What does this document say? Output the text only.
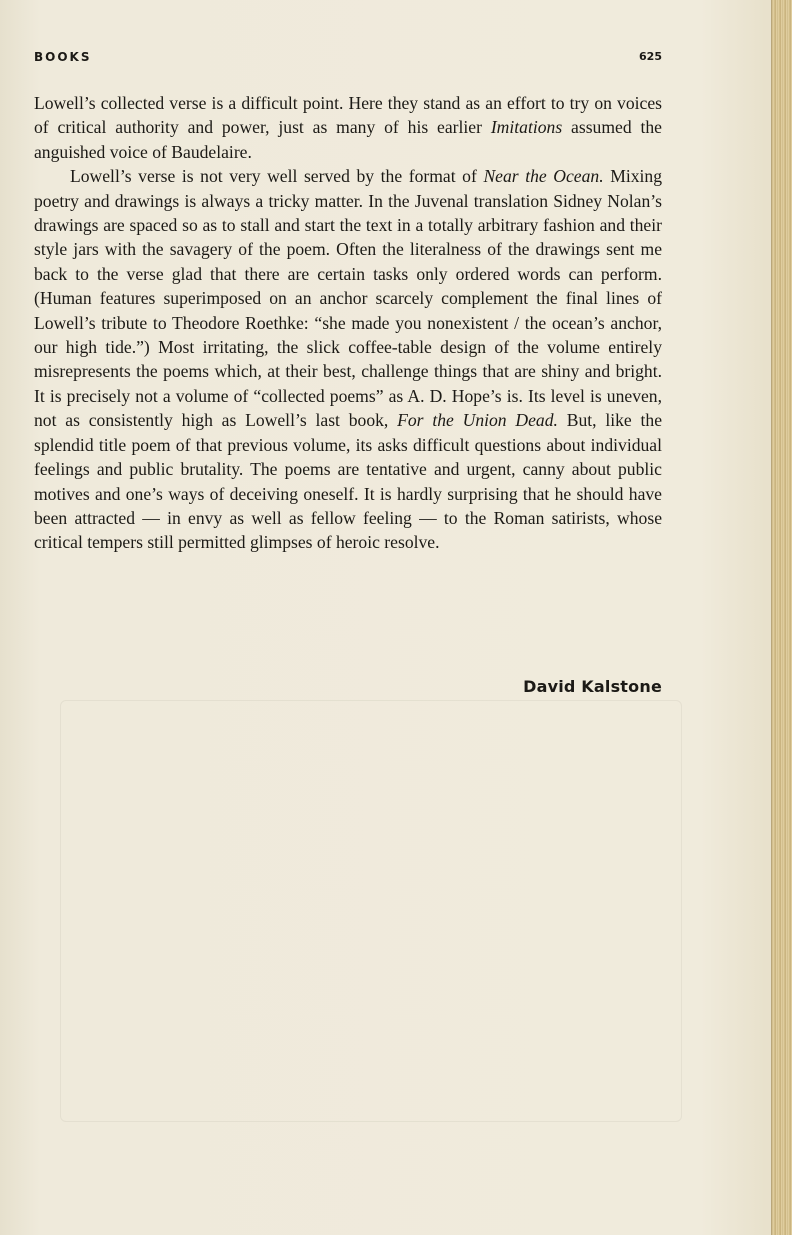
BOOKS	625

Lowell’s collected verse is a difficult point. Here they stand as an effort to try on voices of critical authority and power, just as many of his earlier Imitations assumed the anguished voice of Baudelaire.

Lowell’s verse is not very well served by the format of Near the Ocean. Mixing poetry and drawings is always a tricky matter. In the Juvenal translation Sidney Nolan’s drawings are spaced so as to stall and start the text in a totally arbitrary fashion and their style jars with the savagery of the poem. Often the literalness of the drawings sent me back to the verse glad that there are certain tasks only ordered words can perform. (Human features superimposed on an anchor scarcely complement the final lines of Lowell’s tribute to Theodore Roethke: “she made you nonexistent / the ocean’s anchor, our high tide.”) Most irritating, the slick coffee-table design of the volume entirely misrepresents the poems which, at their best, challenge things that are shiny and bright. It is precisely not a volume of “collected poems” as A. D. Hope’s is. Its level is uneven, not as consistently high as Lowell’s last book, For the Union Dead. But, like the splendid title poem of that previous volume, its asks difficult questions about individual feelings and public brutality. The poems are tentative and urgent, canny about public motives and one’s ways of deceiving oneself. It is hardly surprising that he should have been attracted — in envy as well as fellow feeling — to the Roman satirists, whose critical tempers still permitted glimpses of heroic resolve.

David Kalstone
